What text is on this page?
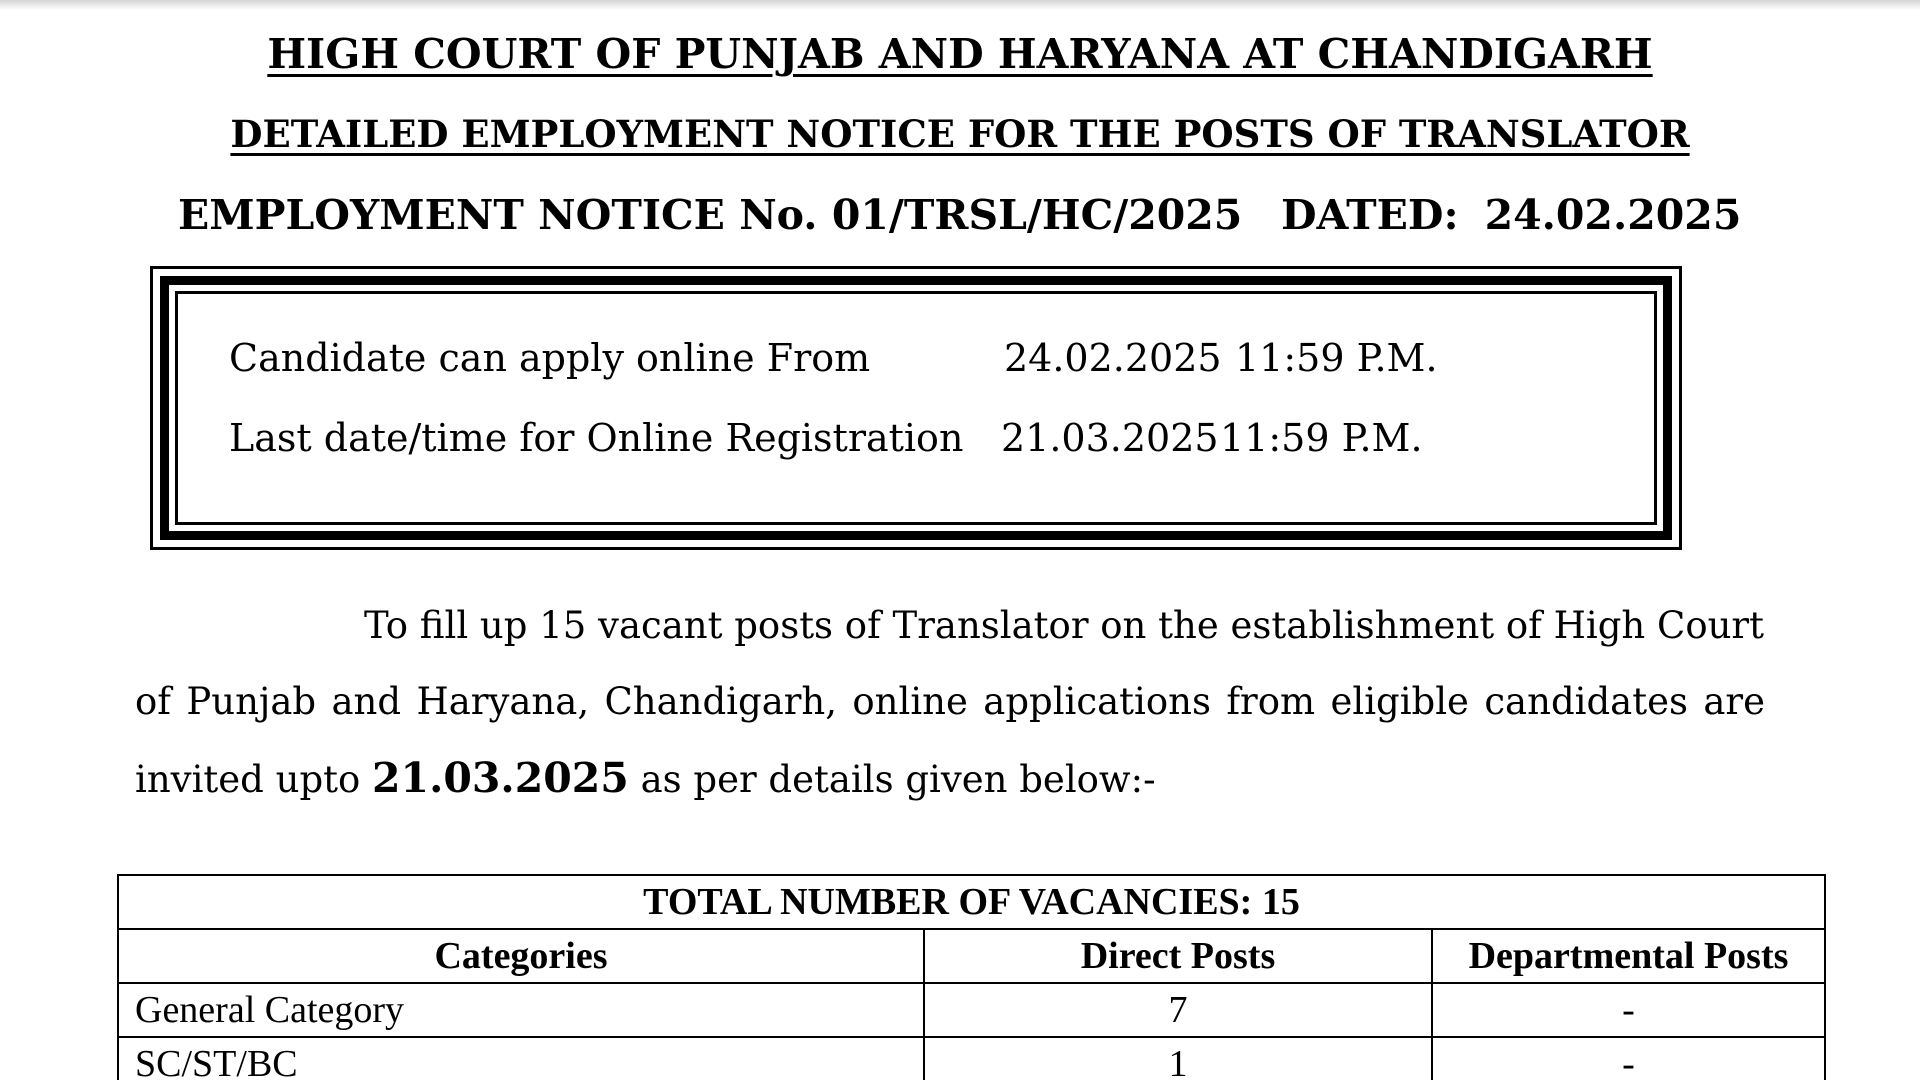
HIGH COURT OF PUNJAB AND HARYANA AT CHANDIGARH
DETAILED EMPLOYMENT NOTICE FOR THE POSTS OF TRANSLATOR
EMPLOYMENT NOTICE No. 01/TRSL/HC/2025 DATED: 24.02.2025
Candidate can apply online From	24.02.2025 11:59 P.M.
Last date/time for Online Registration 21.03.2025 11:59 P.M.
To fill up 15 vacant posts of Translator on the establishment of High Court
of Punjab and Haryana, Chandigarh, online applications from eligible candidates are
invited upto 21.03.2025 as per details given below:-
TOTAL NUMBER OF VACANCIES: 15		
Categories	Direct Posts	Departmental Posts
General Category	7	-
SC/ST/BC	1	-
